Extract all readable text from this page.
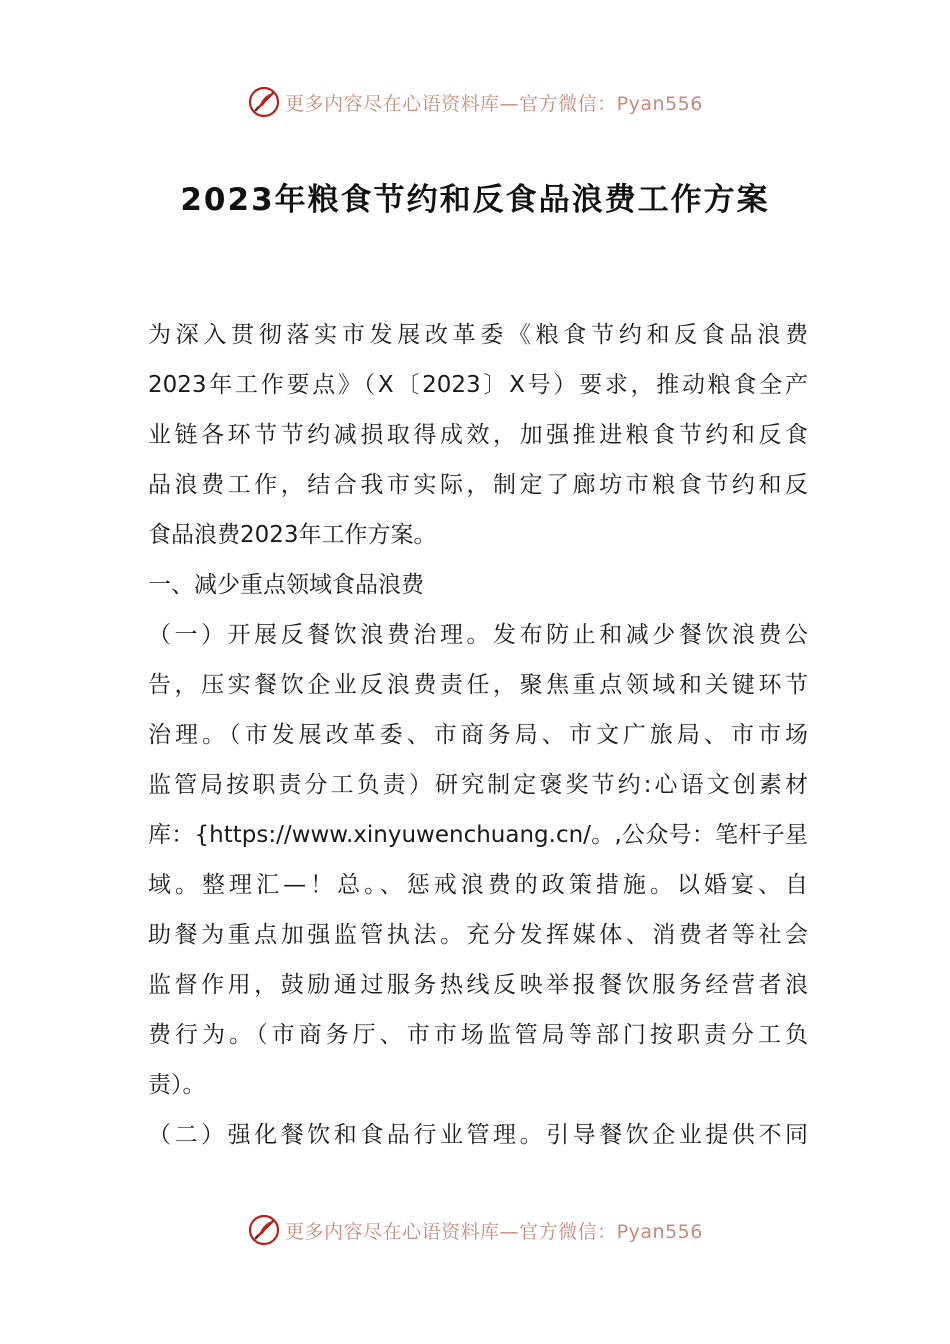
更多内容尽在心语资料库—官方微信：Pyan556
2023年粮食节约和反食品浪费工作方案
为深入贯彻落实市发展改革委《粮食节约和反食品浪费
2023年工作要点》（X〔2023〕X号）要求，推动粮食全产
业链各环节节约减损取得成效，加强推进粮食节约和反食
品浪费工作，结合我市实际，制定了廊坊市粮食节约和反
食品浪费2023年工作方案。
一、减少重点领域食品浪费
（一）开展反餐饮浪费治理。发布防止和减少餐饮浪费公
告，压实餐饮企业反浪费责任，聚焦重点领域和关键环节
治理。（市发展改革委、市商务局、市文广旅局、市市场
监管局按职责分工负责）研究制定褒奖节约:心语文创素材
库：{https://www.xinyuwenchuang.cn/。,公众号：笔杆子星
域。整理汇—！总。、惩戒浪费的政策措施。以婚宴、自
助餐为重点加强监管执法。充分发挥媒体、消费者等社会
监督作用，鼓励通过服务热线反映举报餐饮服务经营者浪
费行为。（市商务厅、市市场监管局等部门按职责分工负
责）。
（二）强化餐饮和食品行业管理。引导餐饮企业提供不同
更多内容尽在心语资料库—官方微信：Pyan556
